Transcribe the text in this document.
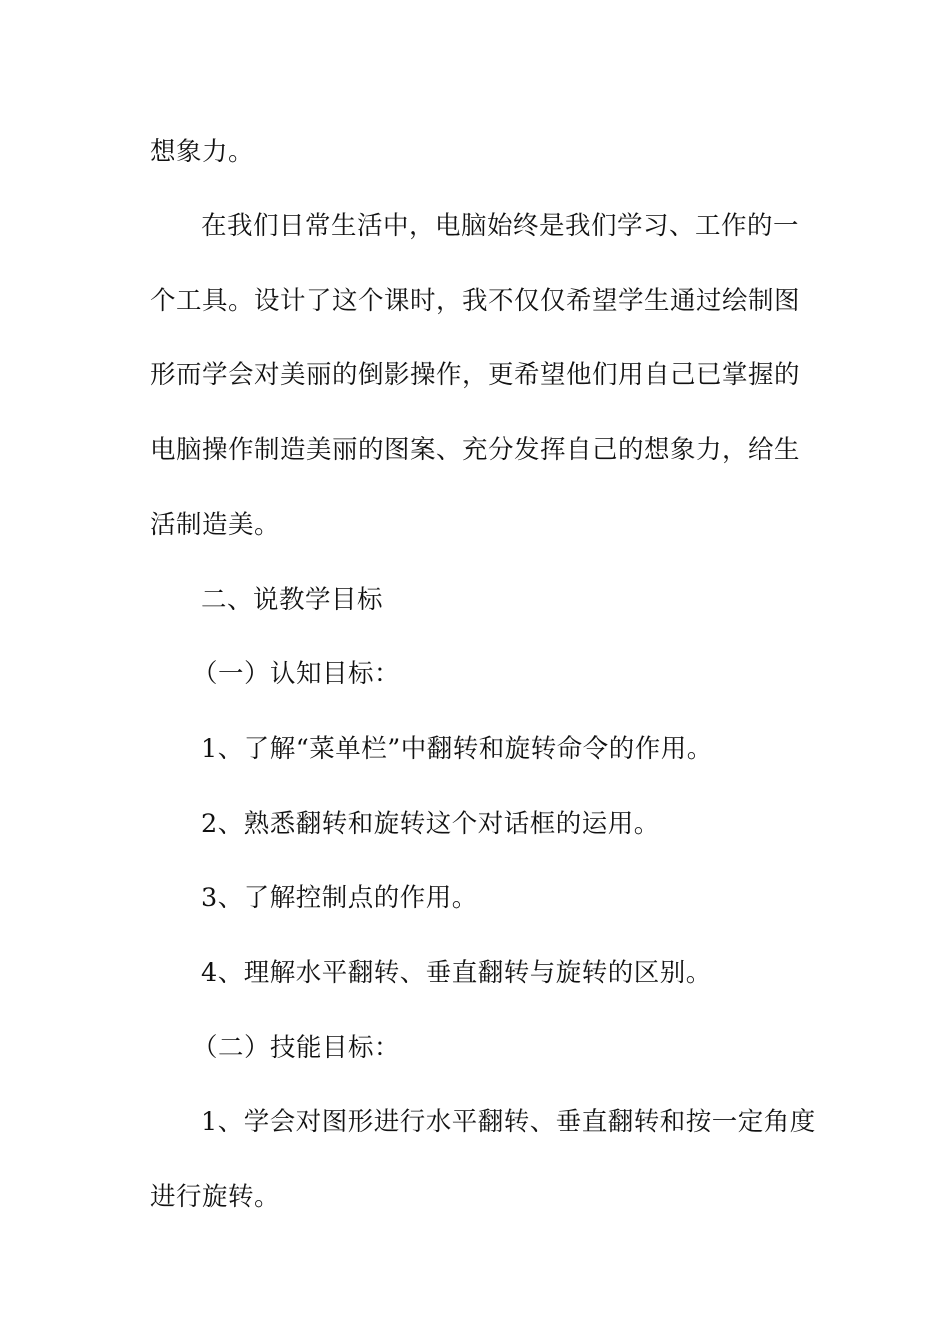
想象力。
在我们日常生活中，电脑始终是我们学习、工作的一
个工具。设计了这个课时，我不仅仅希望学生通过绘制图
形而学会对美丽的倒影操作，更希望他们用自己已掌握的
电脑操作制造美丽的图案、充分发挥自己的想象力，给生
活制造美。
二、说教学目标
（一）认知目标：
1、了解“菜单栏”中翻转和旋转命令的作用。
2、熟悉翻转和旋转这个对话框的运用。
3、了解控制点的作用。
4、理解水平翻转、垂直翻转与旋转的区别。
（二）技能目标：
1、学会对图形进行水平翻转、垂直翻转和按一定角度
进行旋转。
